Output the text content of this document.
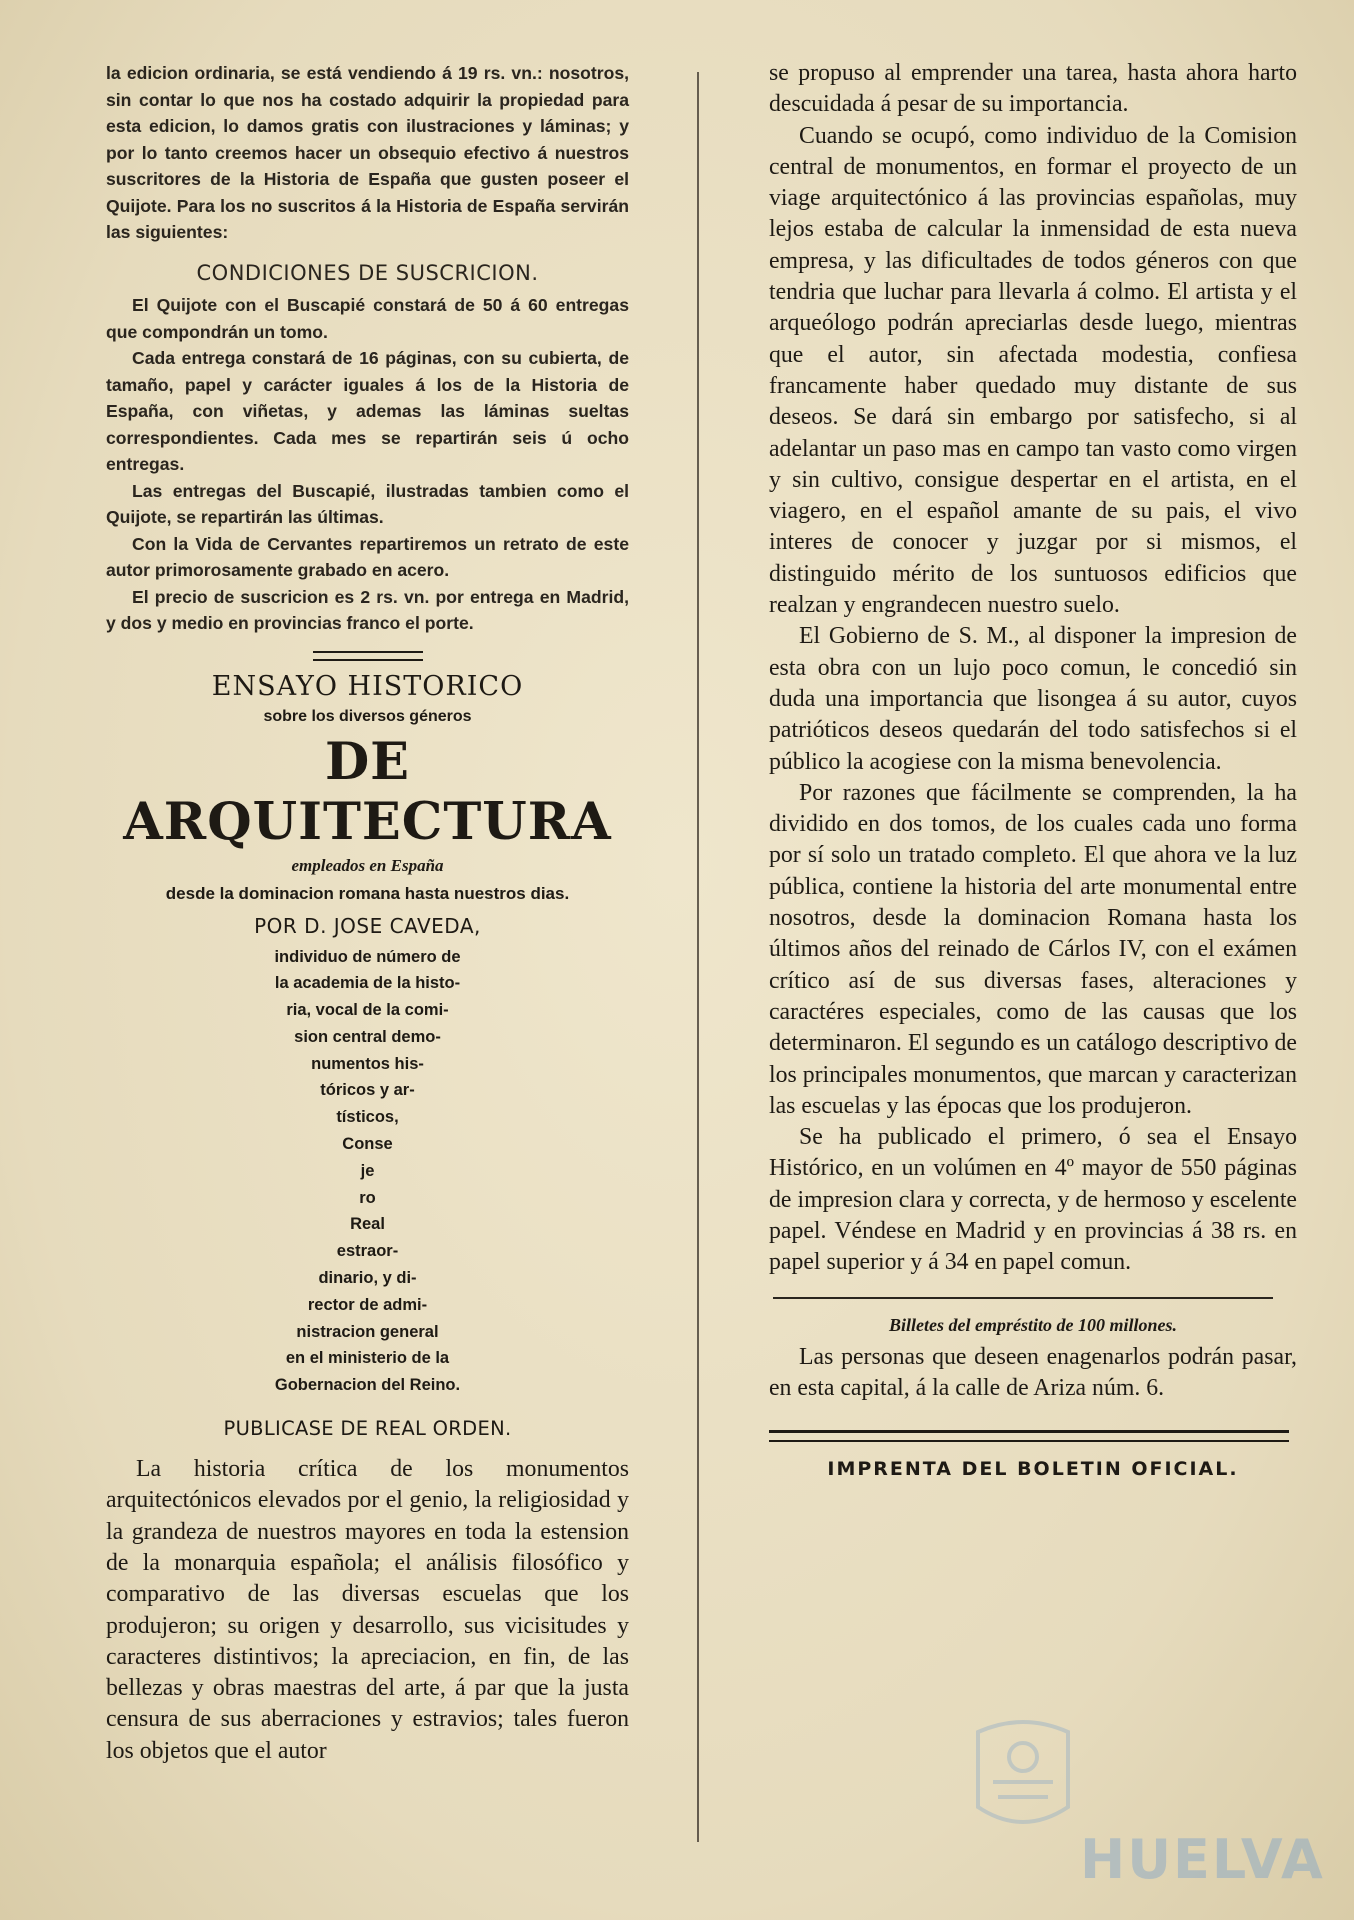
la edicion ordinaria, se está vendiendo á 19 rs. vn.: nosotros, sin contar lo que nos ha costado adquirir la propiedad para esta edicion, lo damos gratis con ilustraciones y láminas; y por lo tanto creemos hacer un obsequio efectivo á nuestros suscritores de la Historia de España que gusten poseer el Quijote. Para los no suscritos á la Historia de España servirán las siguientes:

CONDICIONES DE SUSCRICION.

El Quijote con el Buscapié constará de 50 á 60 entregas que compondrán un tomo.

Cada entrega constará de 16 páginas, con su cubierta, de tamaño, papel y carácter iguales á los de la Historia de España, con viñetas, y ademas las láminas sueltas correspondientes. Cada mes se repartirán seis ú ocho entregas.

Las entregas del Buscapié, ilustradas tambien como el Quijote, se repartirán las últimas.

Con la Vida de Cervantes repartiremos un retrato de este autor primorosamente grabado en acero.

El precio de suscricion es 2 rs. vn. por entrega en Madrid, y dos y medio en provincias franco el porte.

ENSAYO HISTORICO
sobre los diversos géneros
DE ARQUITECTURA
empleados en España
desde la dominacion romana hasta nuestros dias.
POR D. JOSE CAVEDA,
individuo de número de
la academia de la histo-
ria, vocal de la comi-
sion central demo-
numentos his-
tóricos y ar-
tísticos,
Conse
je
ro
Real
estraor-
dinario, y di-
rector de admi-
nistracion general
en el ministerio de la
Gobernacion del Reino.
PUBLICASE DE REAL ORDEN.

La historia crítica de los monumentos arquitectónicos elevados por el genio, la religiosidad y la grandeza de nuestros mayores en toda la estension de la monarquia española; el análisis filosófico y comparativo de las diversas escuelas que los produjeron; su origen y desarrollo, sus vicisitudes y caracteres distintivos; la apreciacion, en fin, de las bellezas y obras maestras del arte, á par que la justa censura de sus aberraciones y estravios; tales fueron los objetos que el autor

se propuso al emprender una tarea, hasta ahora harto descuidada á pesar de su importancia.

Cuando se ocupó, como individuo de la Comision central de monumentos, en formar el proyecto de un viage arquitectónico á las provincias españolas, muy lejos estaba de calcular la inmensidad de esta nueva empresa, y las dificultades de todos géneros con que tendria que luchar para llevarla á colmo. El artista y el arqueólogo podrán apreciarlas desde luego, mientras que el autor, sin afectada modestia, confiesa francamente haber quedado muy distante de sus deseos. Se dará sin embargo por satisfecho, si al adelantar un paso mas en campo tan vasto como virgen y sin cultivo, consigue despertar en el artista, en el viagero, en el español amante de su pais, el vivo interes de conocer y juzgar por si mismos, el distinguido mérito de los suntuosos edificios que realzan y engrandecen nuestro suelo.

El Gobierno de S. M., al disponer la impresion de esta obra con un lujo poco comun, le concedió sin duda una importancia que lisongea á su autor, cuyos patrióticos deseos quedarán del todo satisfechos si el público la acogiese con la misma benevolencia.

Por razones que fácilmente se comprenden, la ha dividido en dos tomos, de los cuales cada uno forma por sí solo un tratado completo. El que ahora ve la luz pública, contiene la historia del arte monumental entre nosotros, desde la dominacion Romana hasta los últimos años del reinado de Cárlos IV, con el exámen crítico así de sus diversas fases, alteraciones y caractéres especiales, como de las causas que los determinaron. El segundo es un catálogo descriptivo de los principales monumentos, que marcan y caracterizan las escuelas y las épocas que los produjeron.

Se ha publicado el primero, ó sea el Ensayo Histórico, en un volúmen en 4º mayor de 550 páginas de impresion clara y correcta, y de hermoso y escelente papel. Véndese en Madrid y en provincias á 38 rs. en papel superior y á 34 en papel comun.

Billetes del empréstito de 100 millones.

Las personas que deseen enagenarlos podrán pasar, en esta capital, á la calle de Ariza núm. 6.

IMPRENTA DEL BOLETIN OFICIAL.
HUELVA
